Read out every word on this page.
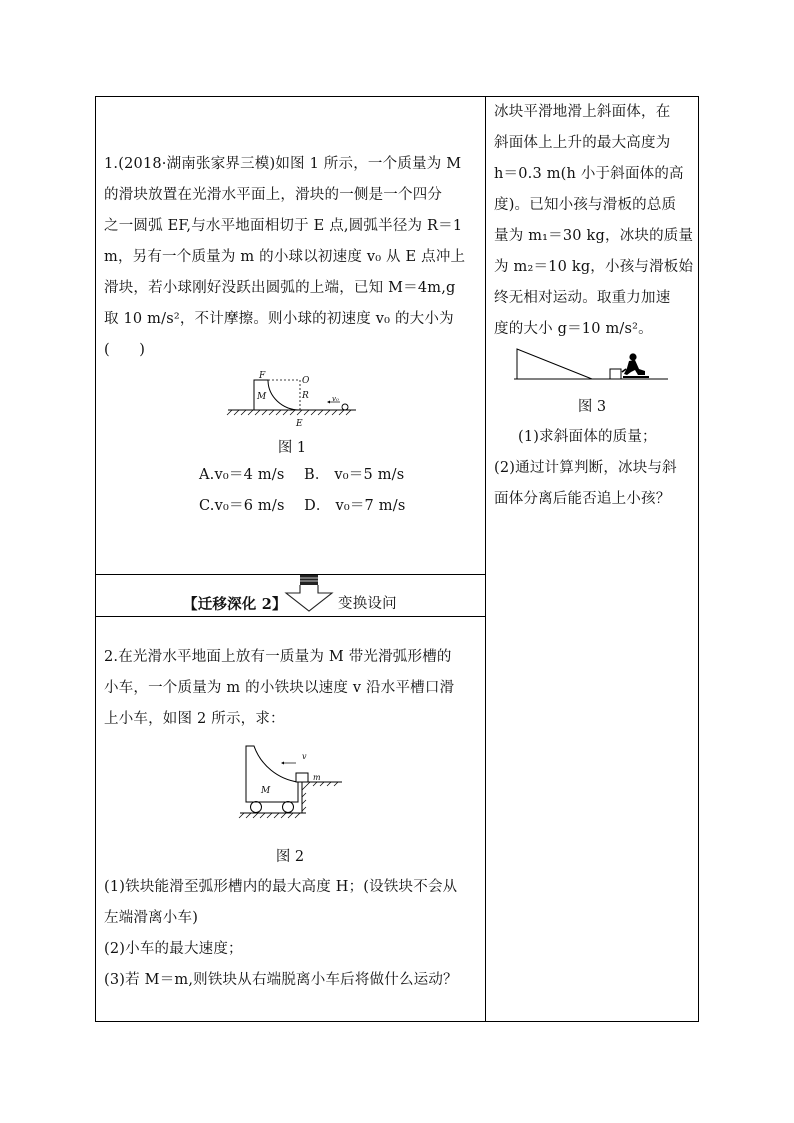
1.(2018·湖南张家界三模)如图 1 所示，一个质量为 M
的滑块放置在光滑水平面上，滑块的一侧是一个四分
之一圆弧 EF,与水平地面相切于 E 点,圆弧半径为 R＝1
m，另有一个质量为 m 的小球以初速度 v₀ 从 E 点冲上
滑块，若小球刚好没跃出圆弧的上端，已知 M＝4m,g
取 10 m/s²，不计摩擦。则小球的初速度 v₀ 的大小为
(　　)
F	O
R
M
E
v₀
图 1
A.v₀＝4 m/s　 B． v₀＝5 m/s
C.v₀＝6 m/s　 D． v₀＝7 m/s
【迁移深化 2】	变换设问
2.在光滑水平地面上放有一质量为 M 带光滑弧形槽的
小车，一个质量为 m 的小铁块以速度 v 沿水平槽口滑
上小车，如图 2 所示，求：
v
m
M
图 2
(1)铁块能滑至弧形槽内的最大高度 H；(设铁块不会从
左端滑离小车)
(2)小车的最大速度；
(3)若 M＝m,则铁块从右端脱离小车后将做什么运动？
冰块平滑地滑上斜面体，在
斜面体上上升的最大高度为
h＝0.3 m(h 小于斜面体的高
度)。已知小孩与滑板的总质
量为 m₁＝30 kg，冰块的质量
为 m₂＝10 kg，小孩与滑板始
终无相对运动。取重力加速
度的大小 g＝10 m/s²。
图 3
(1)求斜面体的质量；
(2)通过计算判断，冰块与斜
面体分离后能否追上小孩？
